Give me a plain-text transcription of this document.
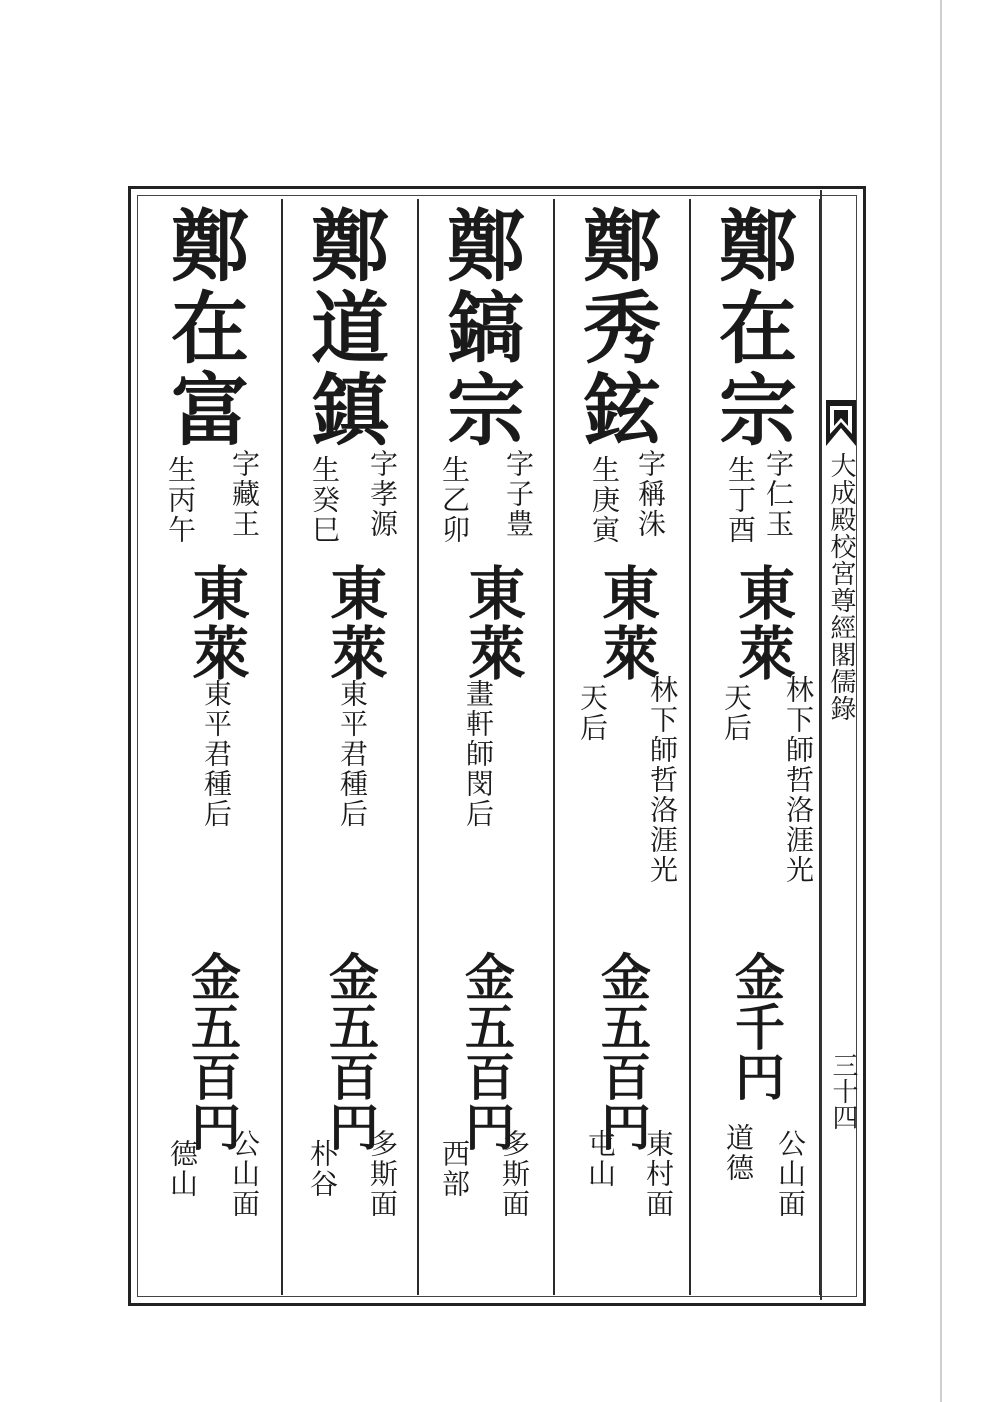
鄭在宗
字仁玉
生丁酉
東萊
林下師哲洛涯光
天后
金千円
公山面
道德
鄭秀鉉
字稱洙
生庚寅
東萊
林下師哲洛涯光
天后
金五百円
東村面
屯山
鄭鎬宗
字子豊
生乙卯
東萊
畫軒師閔后
金五百円
多斯面
西部
鄭道鎮
字孝源
生癸巳
東萊
東平君種后
金五百円
多斯面
朴谷
鄭在富
字藏王
生丙午
東萊
東平君種后
金五百円
公山面
德山
大成殿校宮尊經閣儒錄
三十四
